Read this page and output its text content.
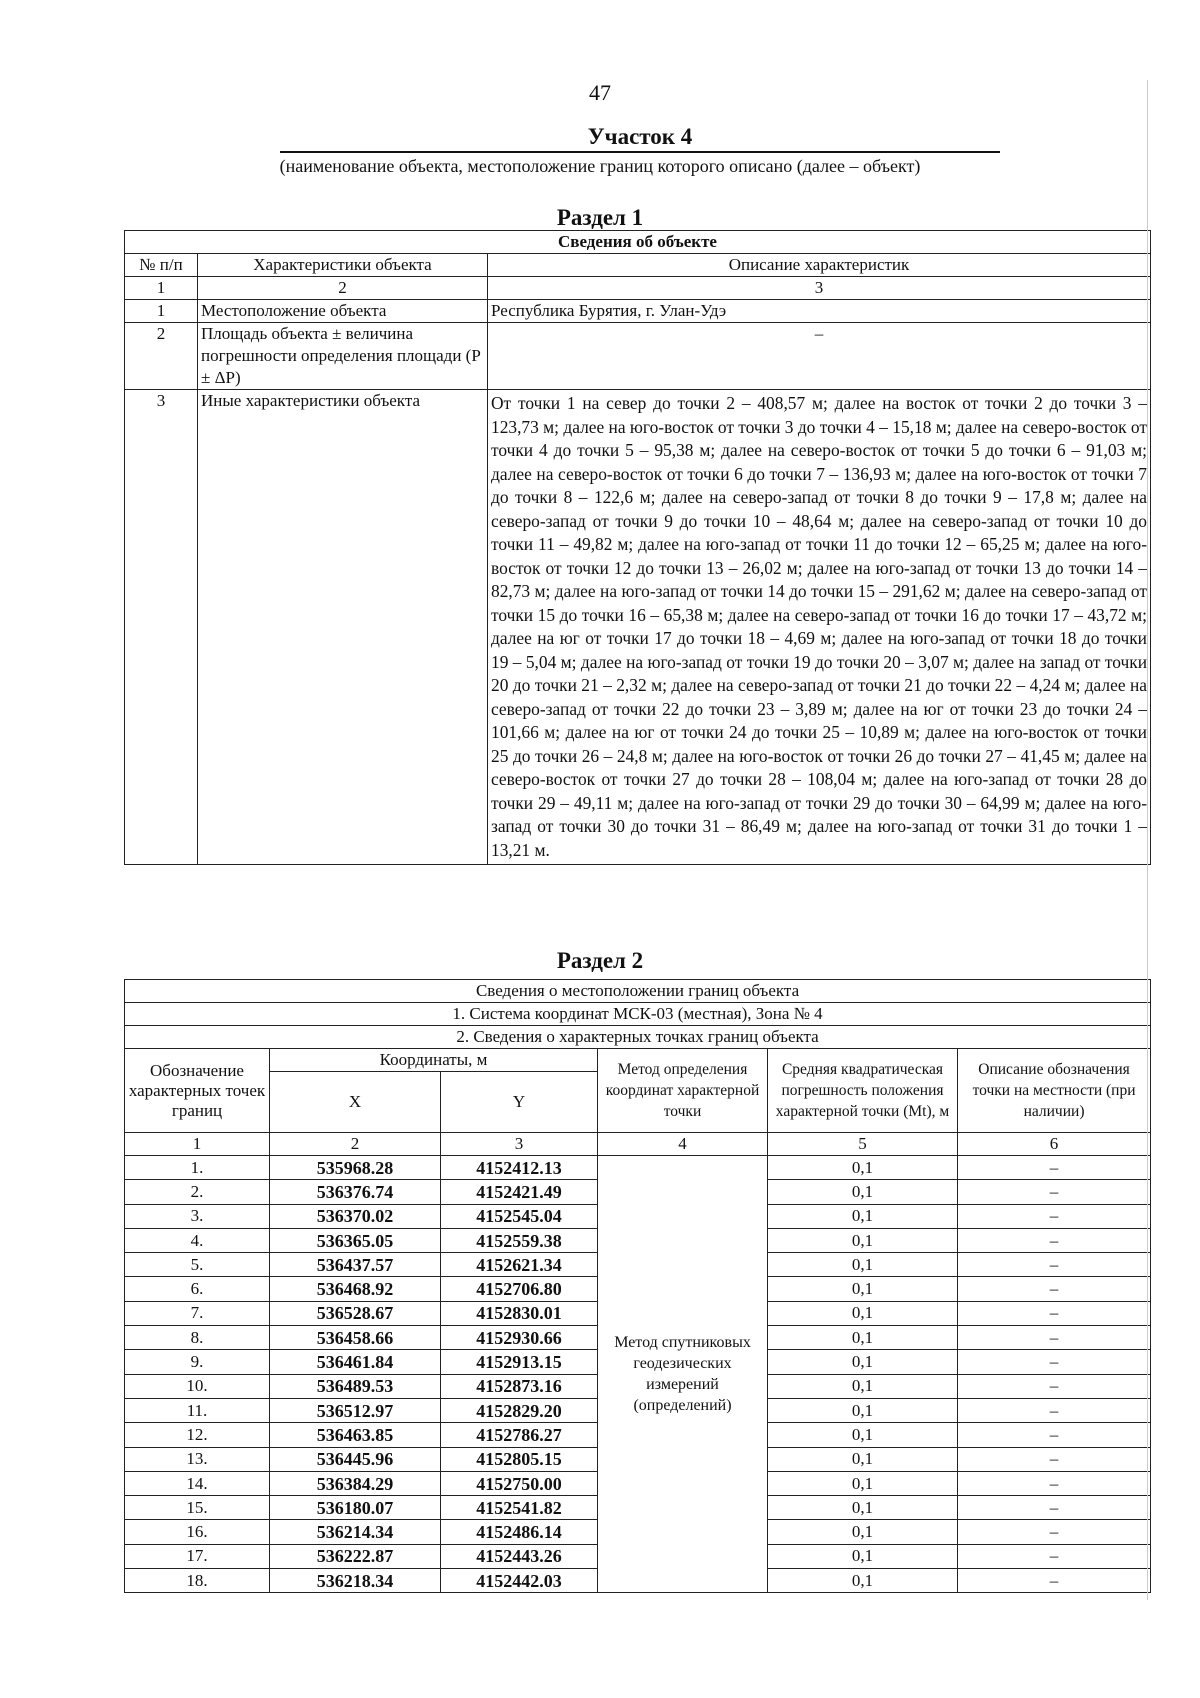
47
Участок 4
(наименование объекта, местоположение границ которого описано (далее – объект)
Раздел 1
Сведения об объекте		
№ п/п	Характеристики объекта	Описание характеристик
1	2	3
1	Местоположение объекта	Республика Бурятия, г. Улан-Удэ
2	Площадь объекта ± величина погрешности определения площади (P ± ΔP)	–
3	Иные характеристики объекта	От точки 1 на север до точки 2 – 408,57 м; далее на восток от точки 2 до точки 3 – 123,73 м; далее на юго-восток от точки 3 до точки 4 – 15,18 м; далее на северо-восток от точки 4 до точки 5 – 95,38 м; далее на северо-восток от точки 5 до точки 6 – 91,03 м; далее на северо-восток от точки 6 до точки 7 – 136,93 м; далее на юго-восток от точки 7 до точки 8 – 122,6 м; далее на северо-запад от точки 8 до точки 9 – 17,8 м; далее на северо-запад от точки 9 до точки 10 – 48,64 м; далее на северо-запад от точки 10 до точки 11 – 49,82 м; далее на юго-запад от точки 11 до точки 12 – 65,25 м; далее на юго-восток от точки 12 до точки 13 – 26,02 м; далее на юго-запад от точки 13 до точки 14 – 82,73 м; далее на юго-запад от точки 14 до точки 15 – 291,62 м; далее на северо-запад от точки 15 до точки 16 – 65,38 м; далее на северо-запад от точки 16 до точки 17 – 43,72 м; далее на юг от точки 17 до точки 18 – 4,69 м; далее на юго-запад от точки 18 до точки 19 – 5,04 м; далее на юго-запад от точки 19 до точки 20 – 3,07 м; далее на запад от точки 20 до точки 21 – 2,32 м; далее на северо-запад от точки 21 до точки 22 – 4,24 м; далее на северо-запад от точки 22 до точки 23 – 3,89 м; далее на юг от точки 23 до точки 24 – 101,66 м; далее на юг от точки 24 до точки 25 – 10,89 м; далее на юго-восток от точки 25 до точки 26 – 24,8 м; далее на юго-восток от точки 26 до точки 27 – 41,45 м; далее на северо-восток от точки 27 до точки 28 – 108,04 м; далее на юго-запад от точки 28 до точки 29 – 49,11 м; далее на юго-запад от точки 29 до точки 30 – 64,99 м; далее на юго-запад от точки 30 до точки 31 – 86,49 м; далее на юго-запад от точки 31 до точки 1 – 13,21 м.
Раздел 2
Сведения о местоположении границ объекта					
1. Система координат МСК-03 (местная), Зона № 4					
2. Сведения о характерных точках границ объекта					
Обозначение характерных точек границ	Координаты, м		Метод определения координат характерной точки	Средняя квадратическая погрешность положения характерной точки (Mt), м	Описание обозначения точки на местности (при наличии)
	X	Y			
1	2	3	4	5	6
1.	535968.28	4152412.13	Метод спутниковых геодезических измерений (определений)	0,1	–
2.	536376.74	4152421.49		0,1	–
3.	536370.02	4152545.04		0,1	–
4.	536365.05	4152559.38		0,1	–
5.	536437.57	4152621.34		0,1	–
6.	536468.92	4152706.80		0,1	–
7.	536528.67	4152830.01		0,1	–
8.	536458.66	4152930.66		0,1	–
9.	536461.84	4152913.15		0,1	–
10.	536489.53	4152873.16		0,1	–
11.	536512.97	4152829.20		0,1	–
12.	536463.85	4152786.27		0,1	–
13.	536445.96	4152805.15		0,1	–
14.	536384.29	4152750.00		0,1	–
15.	536180.07	4152541.82		0,1	–
16.	536214.34	4152486.14		0,1	–
17.	536222.87	4152443.26		0,1	–
18.	536218.34	4152442.03		0,1	–
